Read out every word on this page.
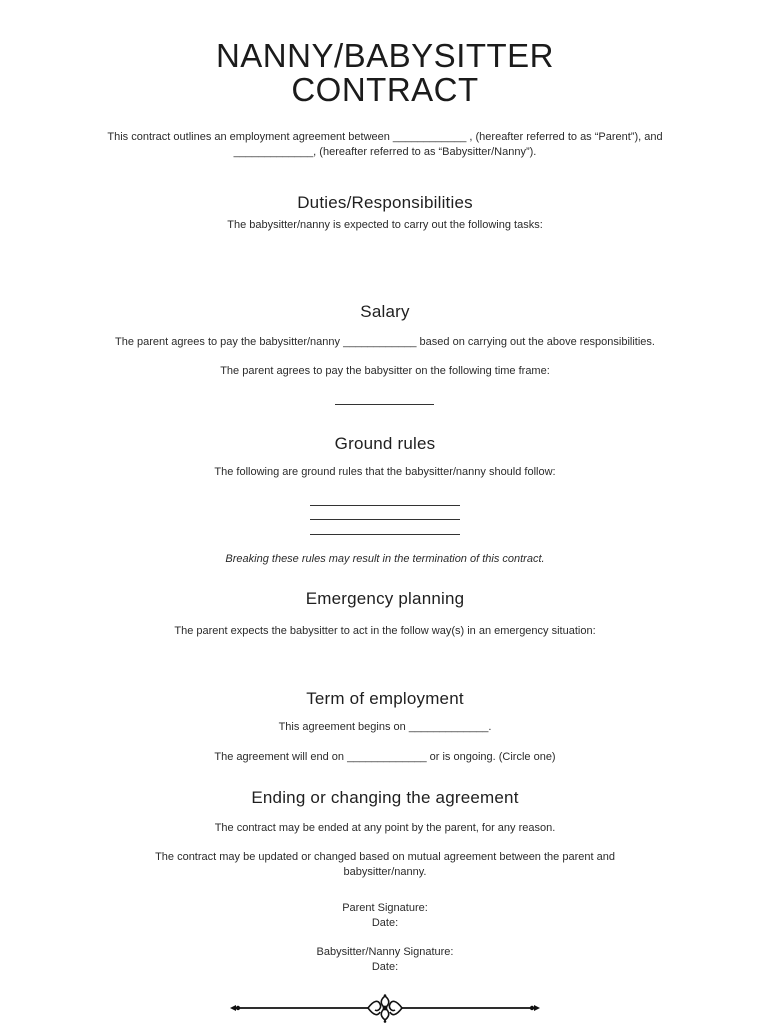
NANNY/BABYSITTER
CONTRACT
This contract outlines an employment agreement between ____________ , (hereafter referred to as “Parent”), and
_____________, (hereafter referred to as “Babysitter/Nanny”).
Duties/Responsibilities
The babysitter/nanny is expected to carry out the following tasks:
Salary
The parent agrees to pay the babysitter/nanny ____________ based on carrying out the above responsibilities.
The parent agrees to pay the babysitter on the following time frame:
Ground rules
The following are ground rules that the babysitter/nanny should follow:
Breaking these rules may result in the termination of this contract.
Emergency planning
The parent expects the babysitter to act in the follow way(s) in an emergency situation:
Term of employment
This agreement begins on _____________.
The agreement will end on _____________ or is ongoing. (Circle one)
Ending or changing the agreement
The contract may be ended at any point by the parent, for any reason.
The contract may be updated or changed based on mutual agreement between the parent and
babysitter/nanny.
Parent Signature:
Date:
Babysitter/Nanny Signature:
Date:
